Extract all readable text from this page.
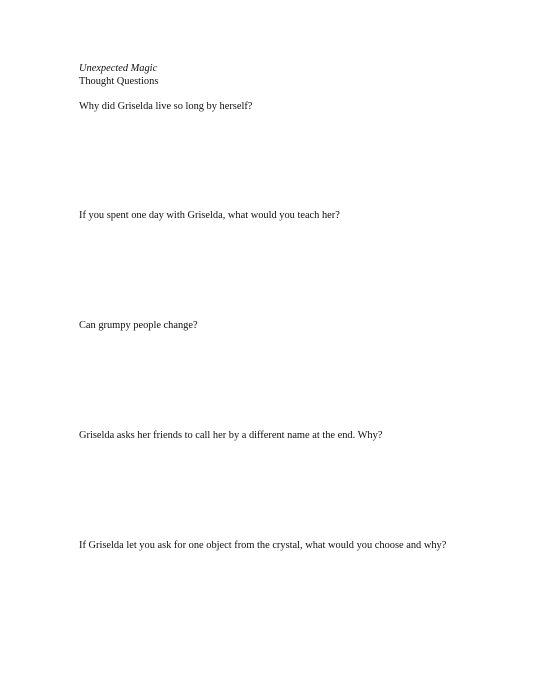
Unexpected Magic
Thought Questions

Why did Griselda live so long by herself?

If you spent one day with Griselda, what would you teach her?

Can grumpy people change?

Griselda asks her friends to call her by a different name at the end. Why?

If Griselda let you ask for one object from the crystal, what would you choose and why?
